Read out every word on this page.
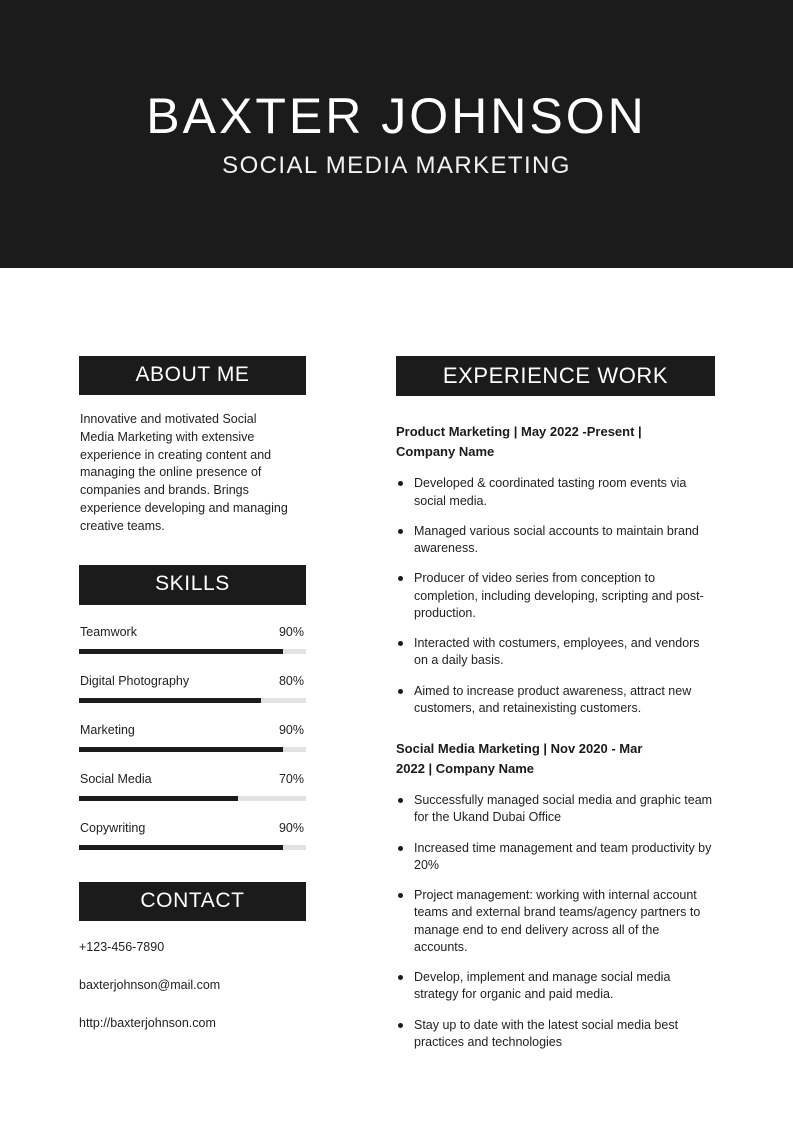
BAXTER JOHNSON
SOCIAL MEDIA MARKETING
ABOUT ME
Innovative and motivated Social Media Marketing with extensive experience in creating content and managing the online presence of companies and brands. Brings experience developing and managing creative teams.
SKILLS
Teamwork	90%
Digital Photography	80%
Marketing	90%
Social Media	70%
Copywriting	90%
CONTACT
+123-456-7890
baxterjohnson@mail.com
http://baxterjohnson.com
EXPERIENCE WORK
Product Marketing | May 2022 -Present | Company Name
Developed & coordinated tasting room events via social media.
Managed various social accounts to maintain brand awareness.
Producer of video series from conception to completion, including developing, scripting and post-production.
Interacted with costumers, employees, and vendors on a daily basis.
Aimed to increase product awareness, attract new customers, and retainexisting customers.
Social Media Marketing | Nov 2020 - Mar 2022 | Company Name
Successfully managed social media and graphic team for the Ukand Dubai Office
Increased time management and team productivity by 20%
Project management: working with internal account teams and external brand teams/agency partners to manage end to end delivery across all of the accounts.
Develop, implement and manage social media strategy for organic and paid media.
Stay up to date with the latest social media best practices and technologies
